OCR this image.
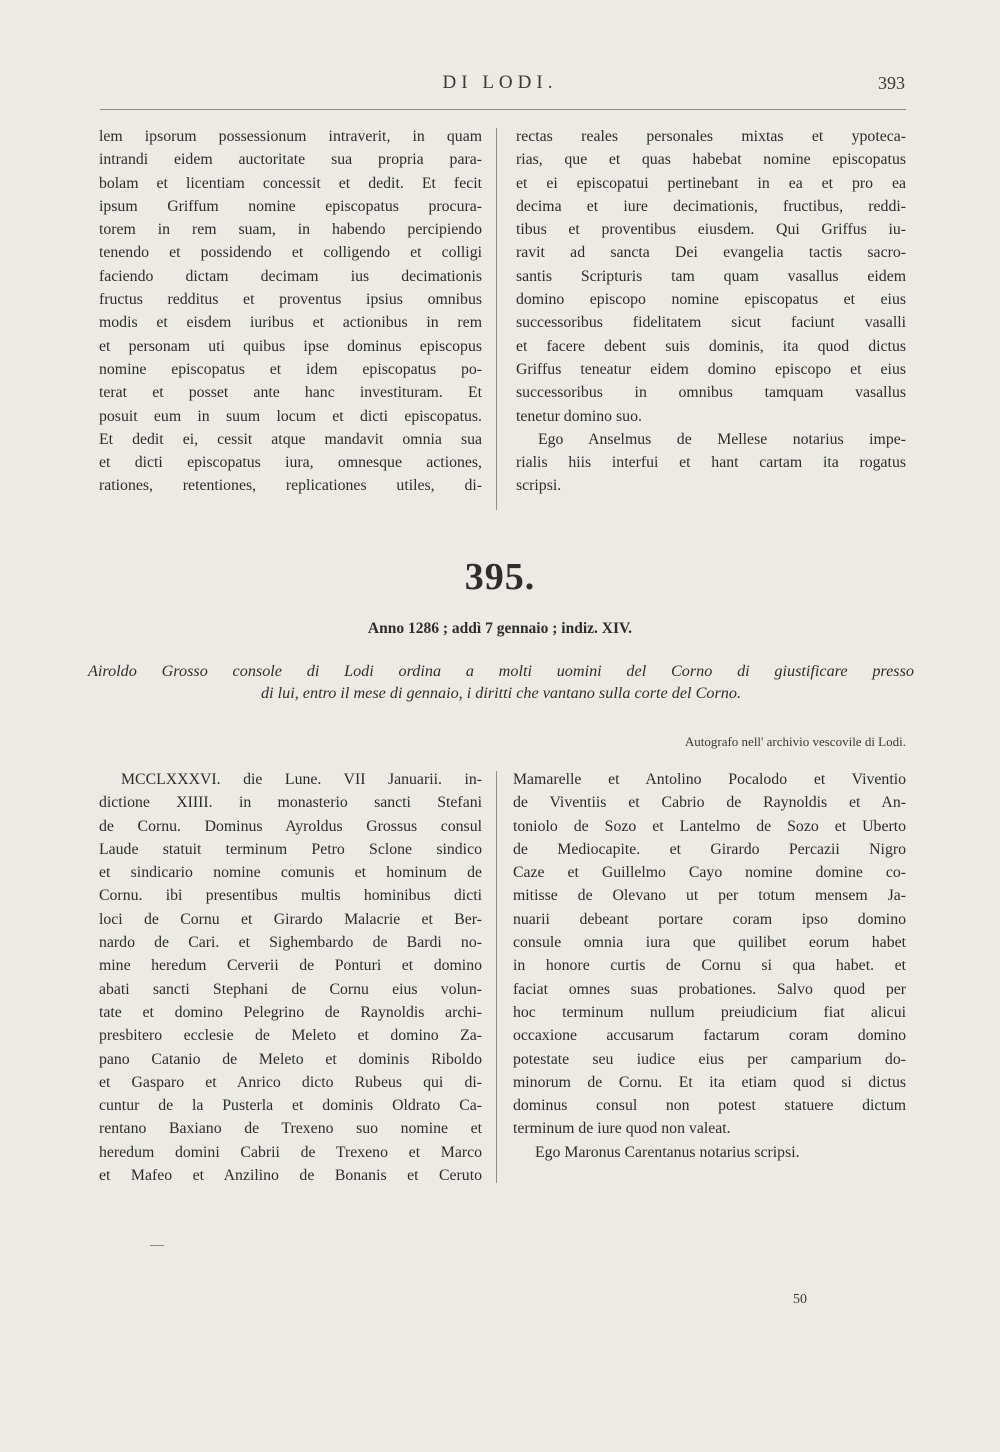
DI LODI.	393
lem ipsorum possessionum intraverit, in quam
intrandi eidem auctoritate sua propria para-
bolam et licentiam concessit et dedit. Et fecit
ipsum Griffum nomine episcopatus procura-
torem in rem suam, in habendo percipiendo
tenendo et possidendo et colligendo et colligi
faciendo dictam decimam ius decimationis
fructus redditus et proventus ipsius omnibus
modis et eisdem iuribus et actionibus in rem
et personam uti quibus ipse dominus episcopus
nomine episcopatus et idem episcopatus po-
terat et posset ante hanc investituram. Et
posuit eum in suum locum et dicti episcopatus.
Et dedit ei, cessit atque mandavit omnia sua
et dicti episcopatus iura, omnesque actiones,
rationes, retentiones, replicationes utiles, di-
rectas reales personales mixtas et ypoteca-
rias, que et quas habebat nomine episcopatus
et ei episcopatui pertinebant in ea et pro ea
decima et iure decimationis, fructibus, reddi-
tibus et proventibus eiusdem. Qui Griffus iu-
ravit ad sancta Dei evangelia tactis sacro-
santis Scripturis tam quam vasallus eidem
domino episcopo nomine episcopatus et eius
successoribus fidelitatem sicut faciunt vasalli
et facere debent suis dominis, ita quod dictus
Griffus teneatur eidem domino episcopo et eius
successoribus in omnibus tamquam vasallus
tenetur domino suo.
Ego Anselmus de Mellese notarius impe-
rialis hiis interfui et hant cartam ita rogatus
scripsi.
395.
Anno 1286 ; addì 7 gennaio ; indiz. XIV.
Airoldo Grosso console di Lodi ordina a molti uomini del Corno di giustificare presso
di lui, entro il mese di gennaio, i diritti che vantano sulla corte del Corno.
Autografo nell' archivio vescovile di Lodi.
MCCLXXXVI. die Lune. VII Januarii. in-
dictione XIIII. in monasterio sancti Stefani
de Cornu. Dominus Ayroldus Grossus consul
Laude statuit terminum Petro Sclone sindico
et sindicario nomine comunis et hominum de
Cornu. ibi presentibus multis hominibus dicti
loci de Cornu et Girardo Malacrie et Ber-
nardo de Cari. et Sighembardo de Bardi no-
mine heredum Cerverii de Ponturi et domino
abati sancti Stephani de Cornu eius volun-
tate et domino Pelegrino de Raynoldis archi-
presbitero ecclesie de Meleto et domino Za-
pano Catanio de Meleto et dominis Riboldo
et Gasparo et Anrico dicto Rubeus qui di-
cuntur de la Pusterla et dominis Oldrato Ca-
rentano Baxiano de Trexeno suo nomine et
heredum domini Cabrii de Trexeno et Marco
et Mafeo et Anzilino de Bonanis et Ceruto
Mamarelle et Antolino Pocalodo et Viventio
de Viventiis et Cabrio de Raynoldis et An-
toniolo de Sozo et Lantelmo de Sozo et Uberto
de Mediocapite. et Girardo Percazii Nigro
Caze et Guillelmo Cayo nomine domine co-
mitisse de Olevano ut per totum mensem Ja-
nuarii debeant portare coram ipso domino
consule omnia iura que quilibet eorum habet
in honore curtis de Cornu si qua habet. et
faciat omnes suas probationes. Salvo quod per
hoc terminum nullum preiudicium fiat alicui
occaxione accusarum factarum coram domino
potestate seu iudice eius per camparium do-
minorum de Cornu. Et ita etiam quod si dictus
dominus consul non potest statuere dictum
terminum de iure quod non valeat.
Ego Maronus Carentanus notarius scripsi.
50
